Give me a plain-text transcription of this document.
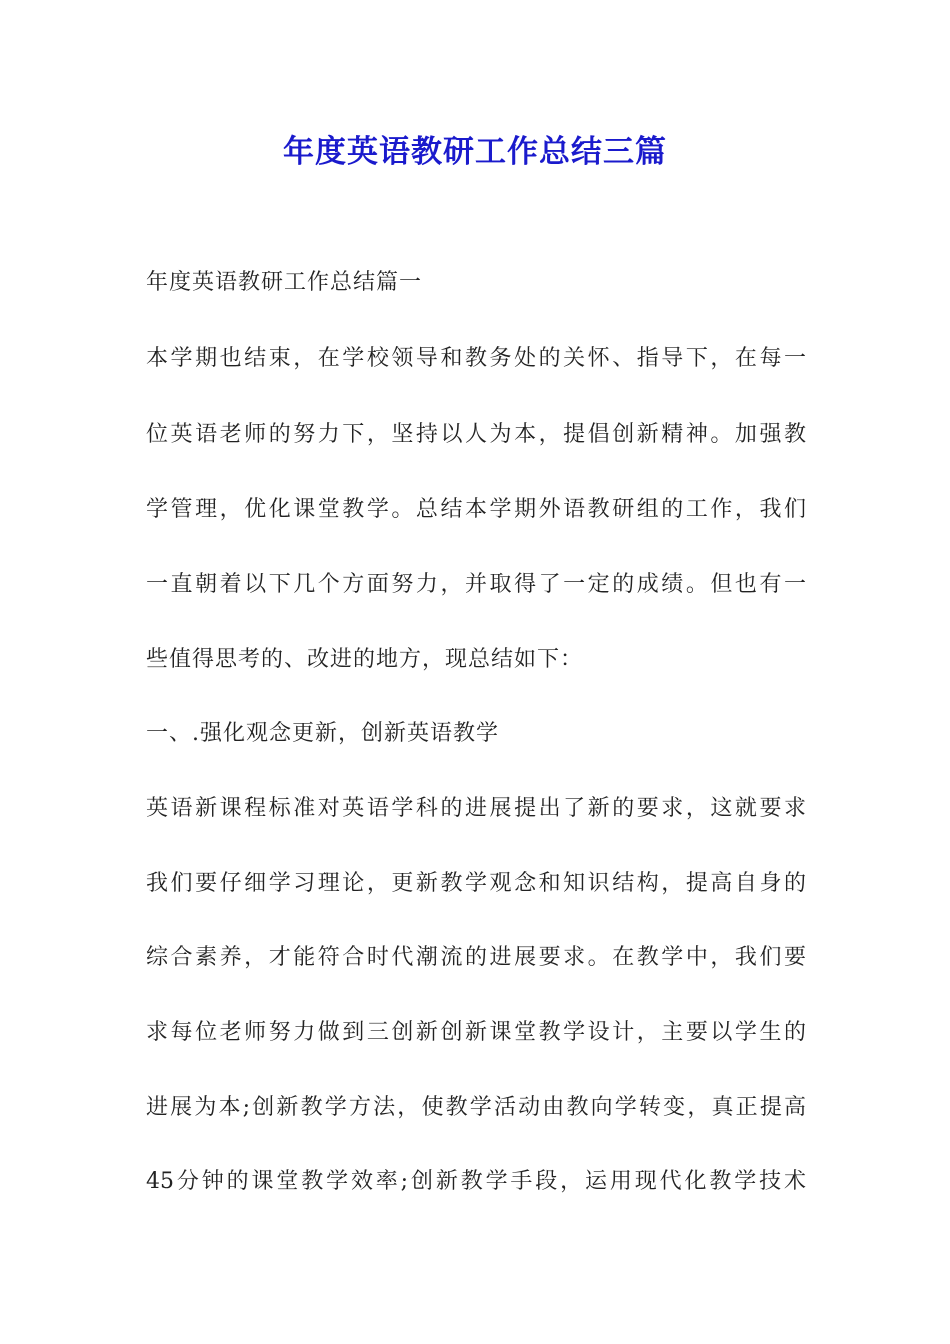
年度英语教研工作总结三篇

年度英语教研工作总结篇一

本学期也结束，在学校领导和教务处的关怀、指导下，在每一

位英语老师的努力下，坚持以人为本，提倡创新精神。加强教

学管理，优化课堂教学。总结本学期外语教研组的工作，我们

一直朝着以下几个方面努力，并取得了一定的成绩。但也有一

些值得思考的、改进的地方，现总结如下：

一、.强化观念更新，创新英语教学

英语新课程标准对英语学科的进展提出了新的要求，这就要求

我们要仔细学习理论，更新教学观念和知识结构，提高自身的

综合素养，才能符合时代潮流的进展要求。在教学中，我们要

求每位老师努力做到三创新创新课堂教学设计，主要以学生的

进展为本;创新教学方法，使教学活动由教向学转变，真正提高

45分钟的课堂教学效率;创新教学手段，运用现代化教学技术
